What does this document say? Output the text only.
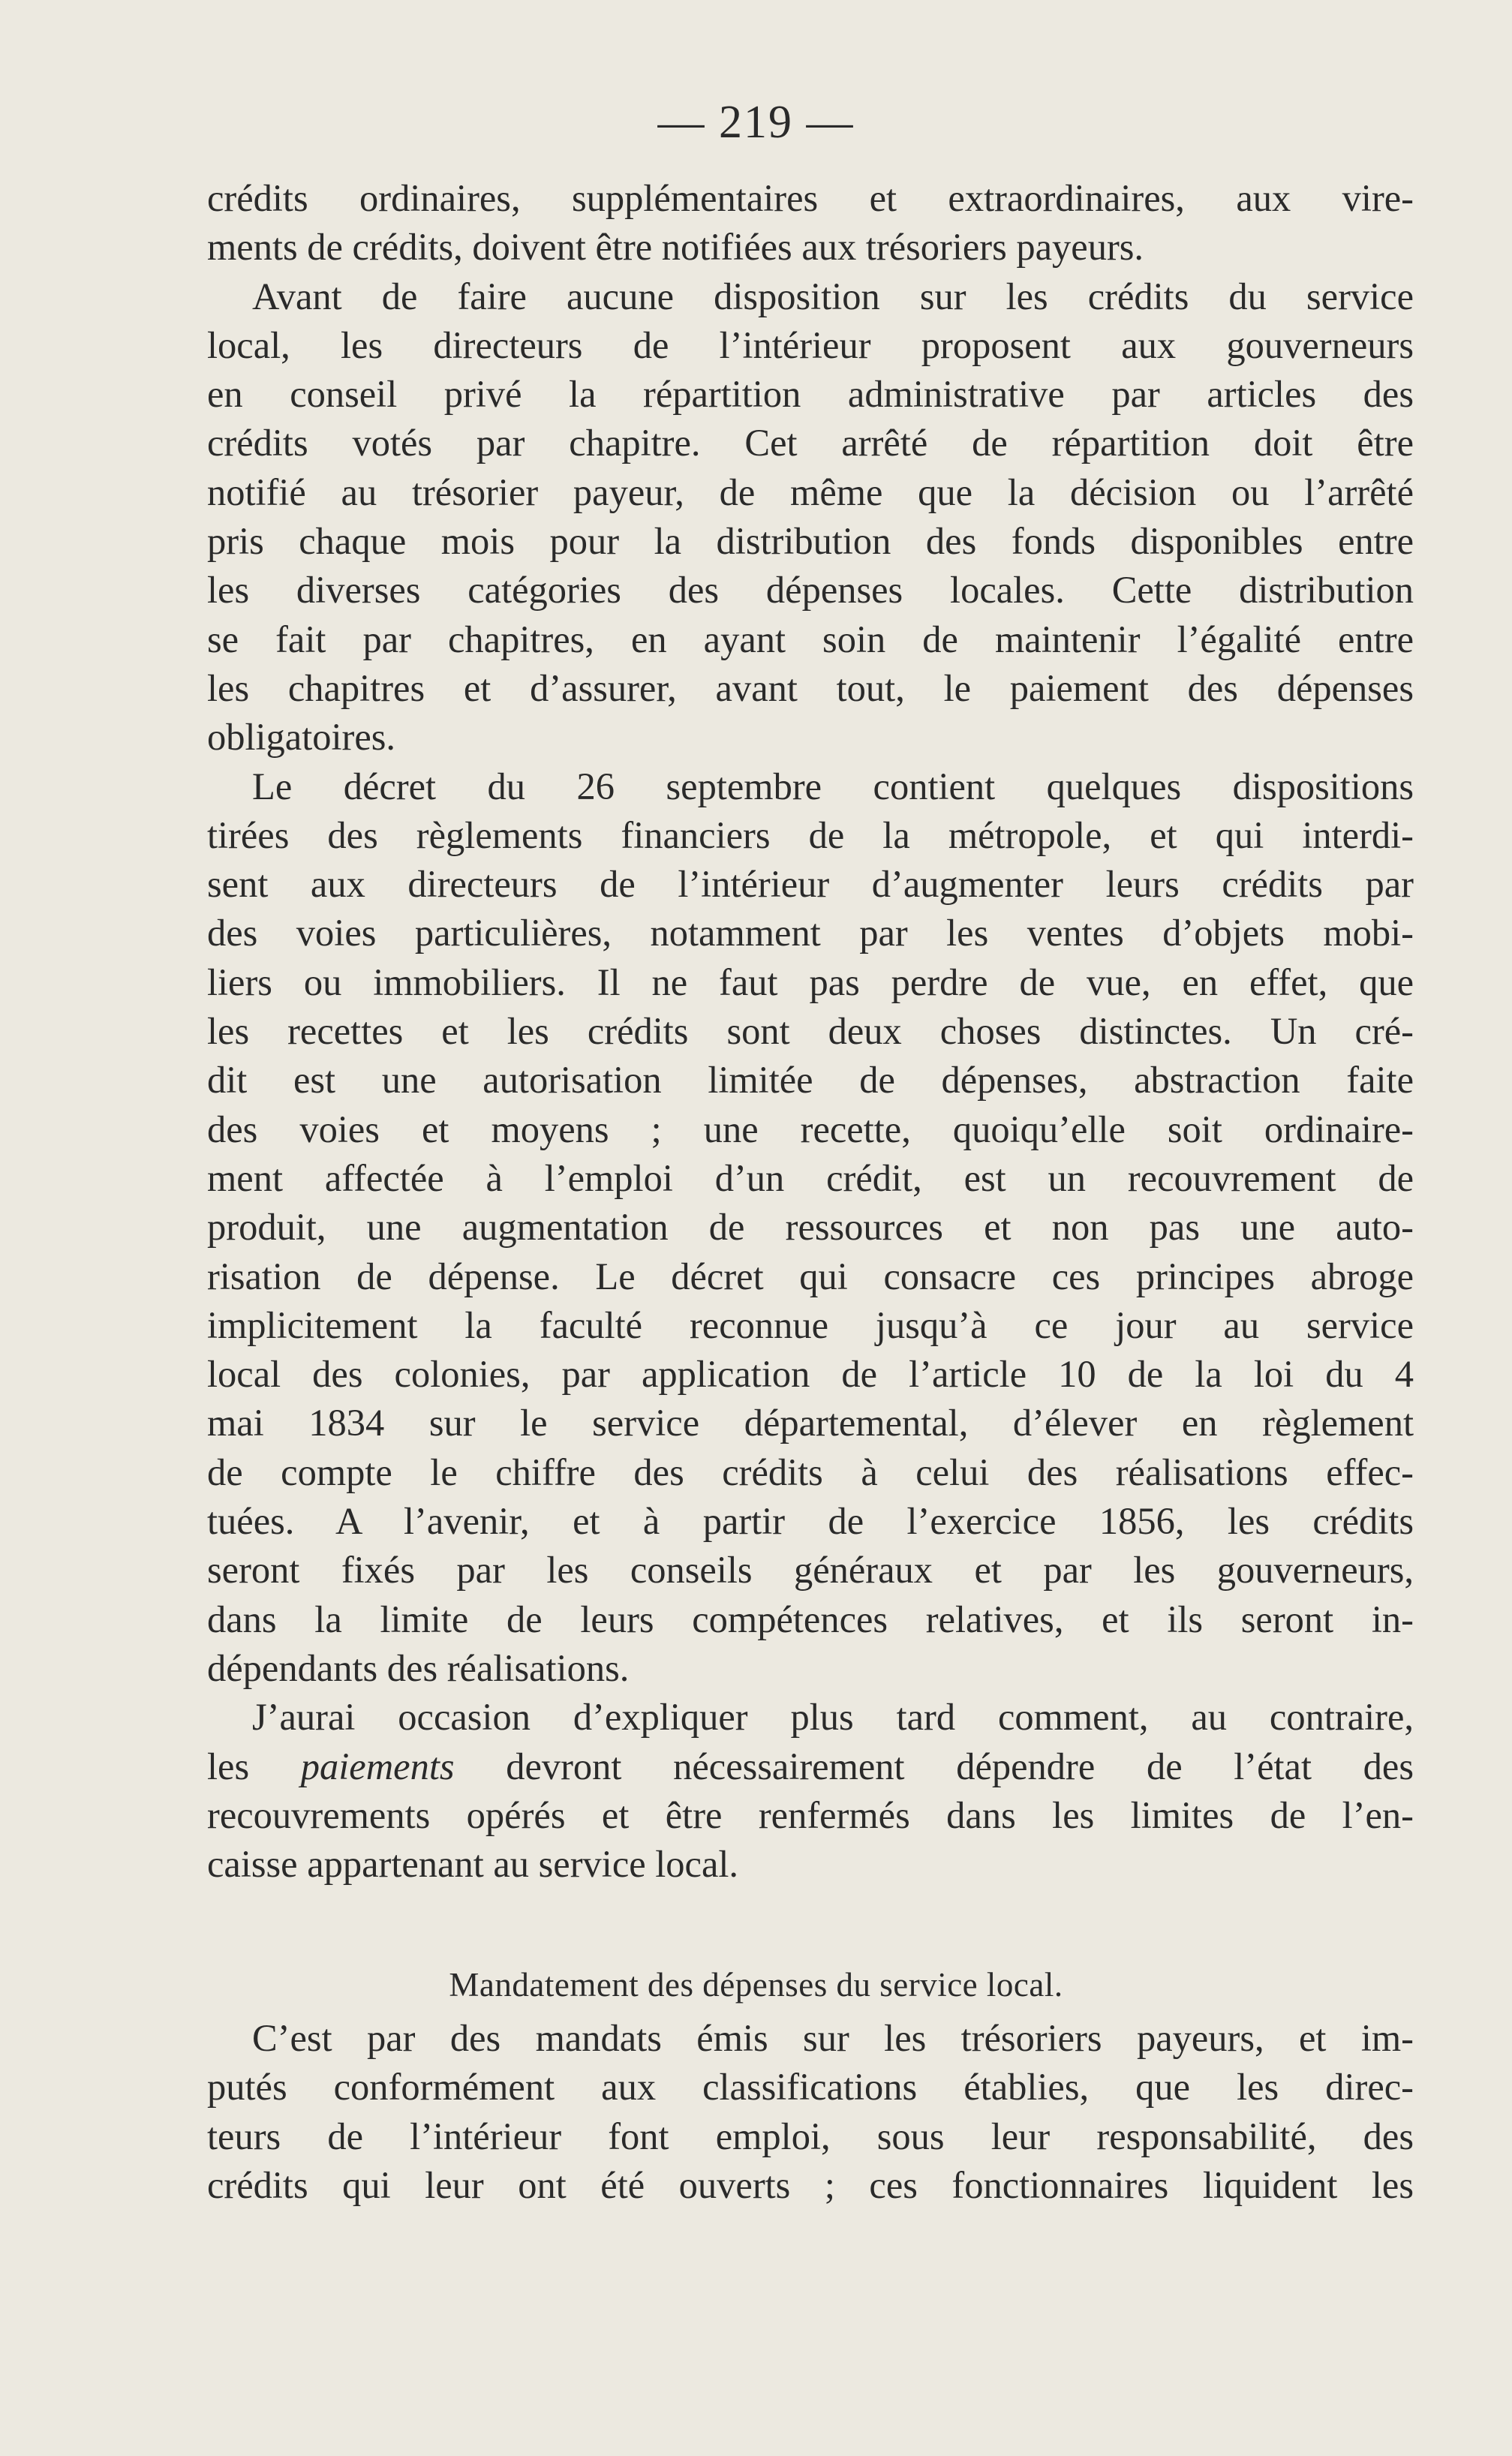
— 219 —
crédits ordinaires, supplémentaires et extraordinaires, aux vire-
ments de crédits, doivent être notifiées aux trésoriers payeurs.
Avant de faire aucune disposition sur les crédits du service
local, les directeurs de l’intérieur proposent aux gouverneurs
en conseil privé la répartition administrative par articles des
crédits votés par chapitre. Cet arrêté de répartition doit être
notifié au trésorier payeur, de même que la décision ou l’arrêté
pris chaque mois pour la distribution des fonds disponibles entre
les diverses catégories des dépenses locales. Cette distribution
se fait par chapitres, en ayant soin de maintenir l’égalité entre
les chapitres et d’assurer, avant tout, le paiement des dépenses
obligatoires.
Le décret du 26 septembre contient quelques dispositions
tirées des règlements financiers de la métropole, et qui interdi-
sent aux directeurs de l’intérieur d’augmenter leurs crédits par
des voies particulières, notamment par les ventes d’objets mobi-
liers ou immobiliers. Il ne faut pas perdre de vue, en effet, que
les recettes et les crédits sont deux choses distinctes. Un cré-
dit est une autorisation limitée de dépenses, abstraction faite
des voies et moyens ; une recette, quoiqu’elle soit ordinaire-
ment affectée à l’emploi d’un crédit, est un recouvrement de
produit, une augmentation de ressources et non pas une auto-
risation de dépense. Le décret qui consacre ces principes abroge
implicitement la faculté reconnue jusqu’à ce jour au service
local des colonies, par application de l’article 10 de la loi du 4
mai 1834 sur le service départemental, d’élever en règlement
de compte le chiffre des crédits à celui des réalisations effec-
tuées. A l’avenir, et à partir de l’exercice 1856, les crédits
seront fixés par les conseils généraux et par les gouverneurs,
dans la limite de leurs compétences relatives, et ils seront in-
dépendants des réalisations.
J’aurai occasion d’expliquer plus tard comment, au contraire,
les paiements devront nécessairement dépendre de l’état des
recouvrements opérés et être renfermés dans les limites de l’en-
caisse appartenant au service local.
Mandatement des dépenses du service local.
C’est par des mandats émis sur les trésoriers payeurs, et im-
putés conformément aux classifications établies, que les direc-
teurs de l’intérieur font emploi, sous leur responsabilité, des
crédits qui leur ont été ouverts ; ces fonctionnaires liquident les
